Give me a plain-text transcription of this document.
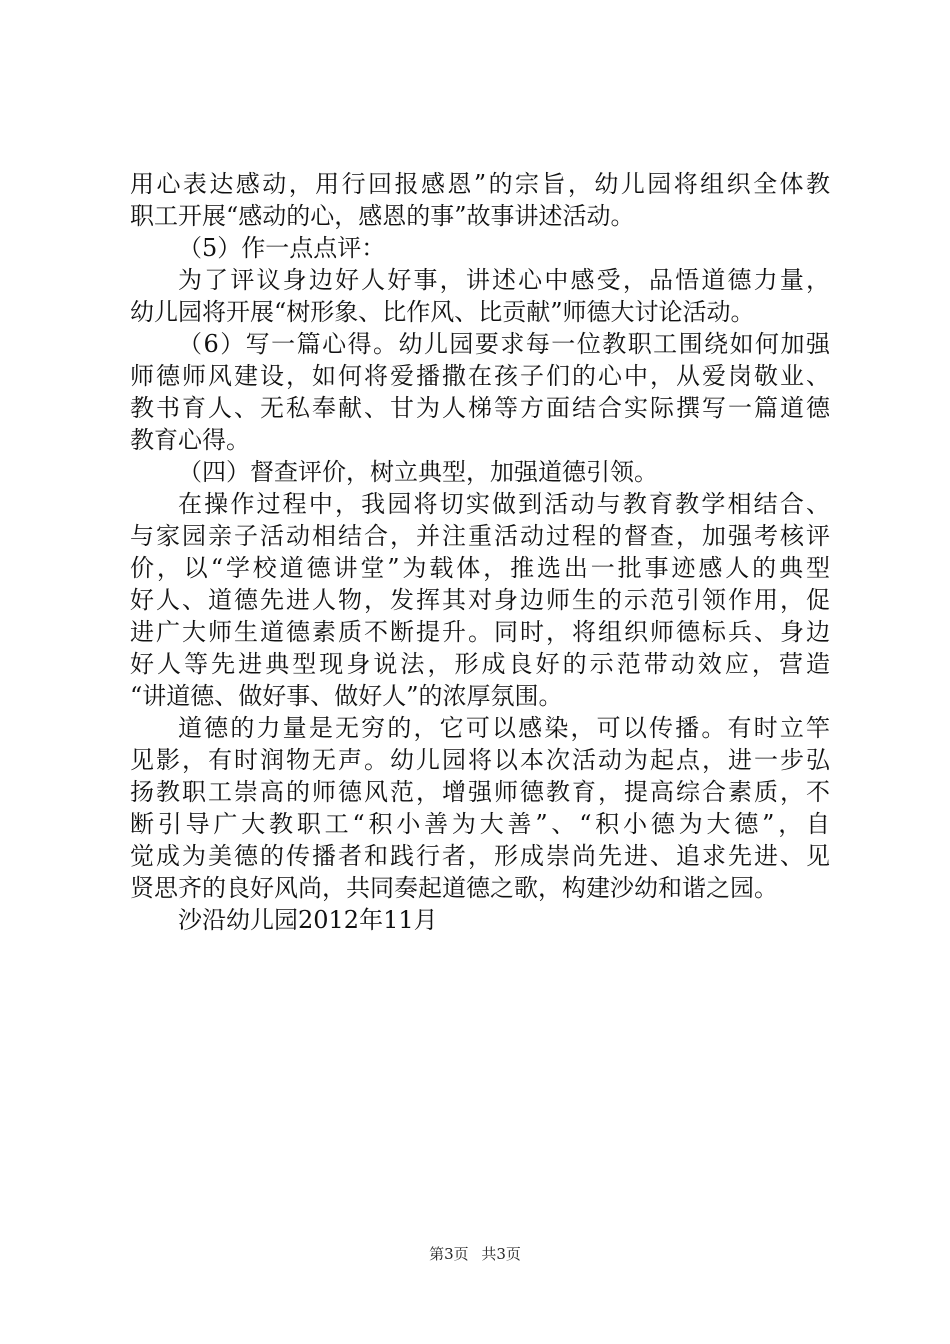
用心表达感动，用行回报感恩”的宗旨，幼儿园将组织全体教
职工开展“感动的心，感恩的事”故事讲述活动。
（5）作一点点评：
为了评议身边好人好事，讲述心中感受，品悟道德力量，
幼儿园将开展“树形象、比作风、比贡献”师德大讨论活动。
（6）写一篇心得。幼儿园要求每一位教职工围绕如何加强
师德师风建设，如何将爱播撒在孩子们的心中，从爱岗敬业、
教书育人、无私奉献、甘为人梯等方面结合实际撰写一篇道德
教育心得。
（四）督查评价，树立典型，加强道德引领。
在操作过程中，我园将切实做到活动与教育教学相结合、
与家园亲子活动相结合，并注重活动过程的督查，加强考核评
价，以“学校道德讲堂”为载体，推选出一批事迹感人的典型
好人、道德先进人物，发挥其对身边师生的示范引领作用，促
进广大师生道德素质不断提升。同时，将组织师德标兵、身边
好人等先进典型现身说法，形成良好的示范带动效应，营造
“讲道德、做好事、做好人”的浓厚氛围。
道德的力量是无穷的，它可以感染，可以传播。有时立竿
见影，有时润物无声。幼儿园将以本次活动为起点，进一步弘
扬教职工崇高的师德风范，增强师德教育，提高综合素质，不
断引导广大教职工“积小善为大善”、“积小德为大德”，自
觉成为美德的传播者和践行者，形成崇尚先进、追求先进、见
贤思齐的良好风尚，共同奏起道德之歌，构建沙幼和谐之园。
沙沿幼儿园2012年11月
第3页 共3页
